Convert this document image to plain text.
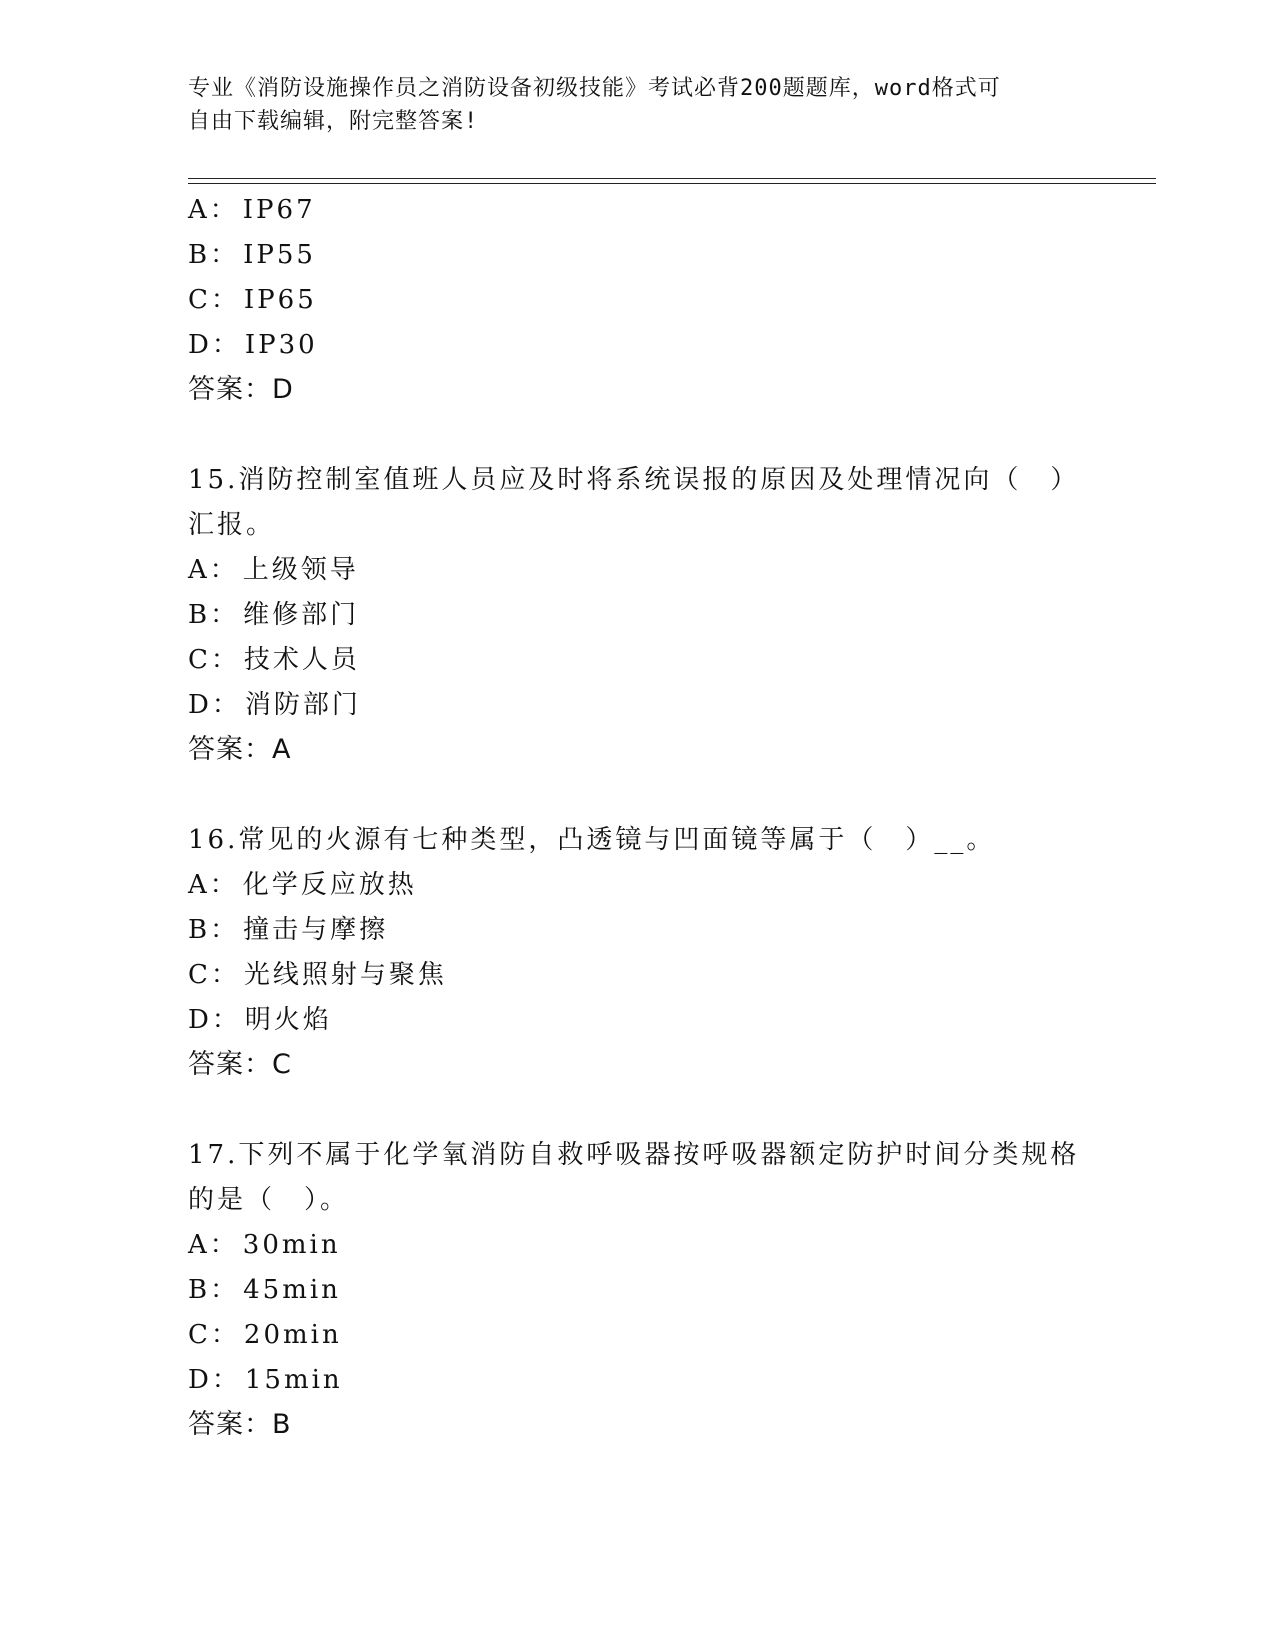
专业《消防设施操作员之消防设备初级技能》考试必背200题题库，word格式可
自由下载编辑，附完整答案!
A： IP67
B： IP55
C： IP65
D： IP30
答案：D
15.消防控制室值班人员应及时将系统误报的原因及处理情况向（　）
汇报。
A： 上级领导
B： 维修部门
C： 技术人员
D： 消防部门
答案：A
16.常见的火源有七种类型，凸透镜与凹面镜等属于（　）__。
A： 化学反应放热
B： 撞击与摩擦
C： 光线照射与聚焦
D： 明火焰
答案：C
17.下列不属于化学氧消防自救呼吸器按呼吸器额定防护时间分类规格
的是（　）。
A： 30min
B： 45min
C： 20min
D： 15min
答案：B
